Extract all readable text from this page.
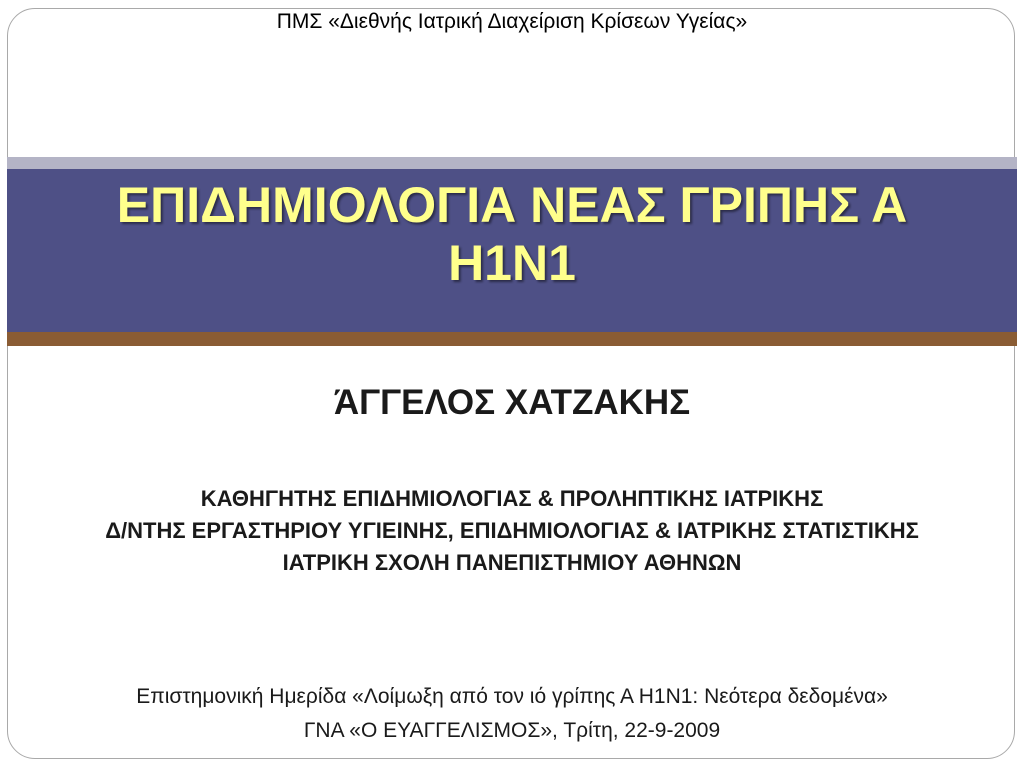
ΠΜΣ «Διεθνής Ιατρική Διαχείριση Κρίσεων Υγείας»
ΕΠΙΔΗΜΙΟΛΟΓΙΑ ΝΕΑΣ ΓΡΙΠΗΣ Α
H1N1
ΆΓΓΕΛΟΣ ΧΑΤΖΑΚΗΣ
ΚΑΘΗΓΗΤΗΣ ΕΠΙΔΗΜΙΟΛΟΓΙΑΣ & ΠΡΟΛΗΠΤΙΚΗΣ ΙΑΤΡΙΚΗΣ
Δ/ΝΤΗΣ ΕΡΓΑΣΤΗΡΙΟΥ ΥΓΙΕΙΝΗΣ, ΕΠΙΔΗΜΙΟΛΟΓΙΑΣ & ΙΑΤΡΙΚΗΣ ΣΤΑΤΙΣΤΙΚΗΣ
ΙΑΤΡΙΚΗ ΣΧΟΛΗ ΠΑΝΕΠΙΣΤΗΜΙΟΥ ΑΘΗΝΩΝ
Επιστημονική Ημερίδα «Λοίμωξη από τον ιό γρίπης Α H1N1: Νεότερα δεδομένα»
ΓΝΑ «Ο ΕΥΑΓΓΕΛΙΣΜΟΣ», Τρίτη, 22-9-2009
